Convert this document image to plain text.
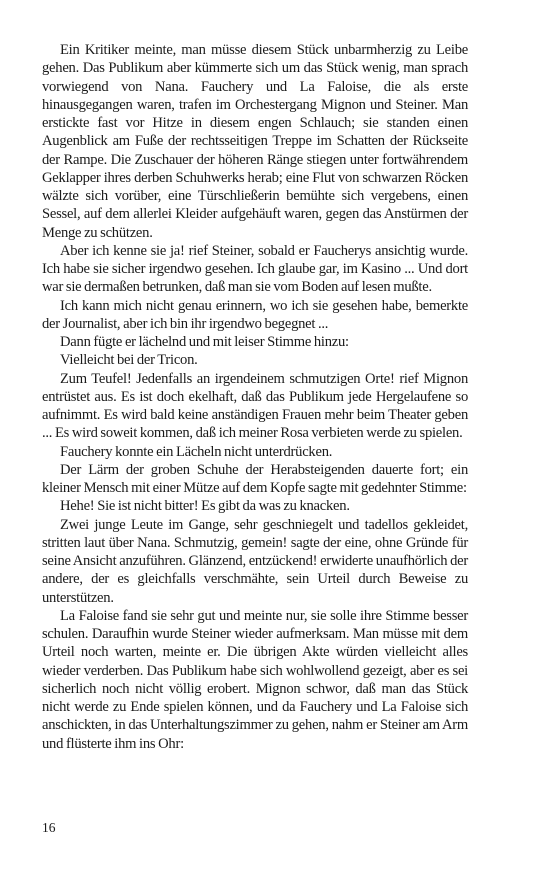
Ein Kritiker meinte, man müsse diesem Stück unbarmherzig zu Leibe gehen. Das Publikum aber kümmerte sich um das Stück wenig, man sprach vorwiegend von Nana. Fauchery und La Faloise, die als erste hinausgegangen waren, trafen im Orchestergang Mignon und Steiner. Man erstickte fast vor Hitze in diesem engen Schlauch; sie standen einen Augenblick am Fuße der rechtsseitigen Treppe im Schatten der Rückseite der Rampe. Die Zuschauer der höheren Ränge stiegen unter fortwährendem Geklapper ihres derben Schuhwerks herab; eine Flut von schwarzen Röcken wälzte sich vorüber, eine Türschließerin bemühte sich vergebens, einen Sessel, auf dem allerlei Kleider aufgehäuft waren, gegen das Anstürmen der Menge zu schützen.

Aber ich kenne sie ja! rief Steiner, sobald er Faucherys ansichtig wurde. Ich habe sie sicher irgendwo gesehen. Ich glaube gar, im Kasino ... Und dort war sie dermaßen betrunken, daß man sie vom Boden auf lesen mußte.

Ich kann mich nicht genau erinnern, wo ich sie gesehen habe, bemerkte der Journalist, aber ich bin ihr irgendwo begegnet ...

Dann fügte er lächelnd und mit leiser Stimme hinzu:

Vielleicht bei der Tricon.

Zum Teufel! Jedenfalls an irgendeinem schmutzigen Orte! rief Mignon entrüstet aus. Es ist doch ekelhaft, daß das Publikum jede Hergelaufene so aufnimmt. Es wird bald keine anständigen Frauen mehr beim Theater geben ... Es wird soweit kommen, daß ich meiner Rosa verbieten werde zu spielen.

Fauchery konnte ein Lächeln nicht unterdrücken.

Der Lärm der groben Schuhe der Herabsteigenden dauerte fort; ein kleiner Mensch mit einer Mütze auf dem Kopfe sagte mit gedehnter Stimme:

Hehe! Sie ist nicht bitter! Es gibt da was zu knacken.

Zwei junge Leute im Gange, sehr geschniegelt und tadellos gekleidet, stritten laut über Nana. Schmutzig, gemein! sagte der eine, ohne Gründe für seine Ansicht anzuführen. Glänzend, entzückend! erwiderte unaufhörlich der andere, der es gleichfalls verschmähte, sein Urteil durch Beweise zu unterstützen.

La Faloise fand sie sehr gut und meinte nur, sie solle ihre Stimme besser schulen. Daraufhin wurde Steiner wieder aufmerksam. Man müsse mit dem Urteil noch warten, meinte er. Die übrigen Akte würden vielleicht alles wieder verderben. Das Publikum habe sich wohlwollend gezeigt, aber es sei sicherlich noch nicht völlig erobert. Mignon schwor, daß man das Stück nicht werde zu Ende spielen können, und da Fauchery und La Faloise sich anschickten, in das Unterhaltungszimmer zu gehen, nahm er Steiner am Arm und flüsterte ihm ins Ohr:

16
